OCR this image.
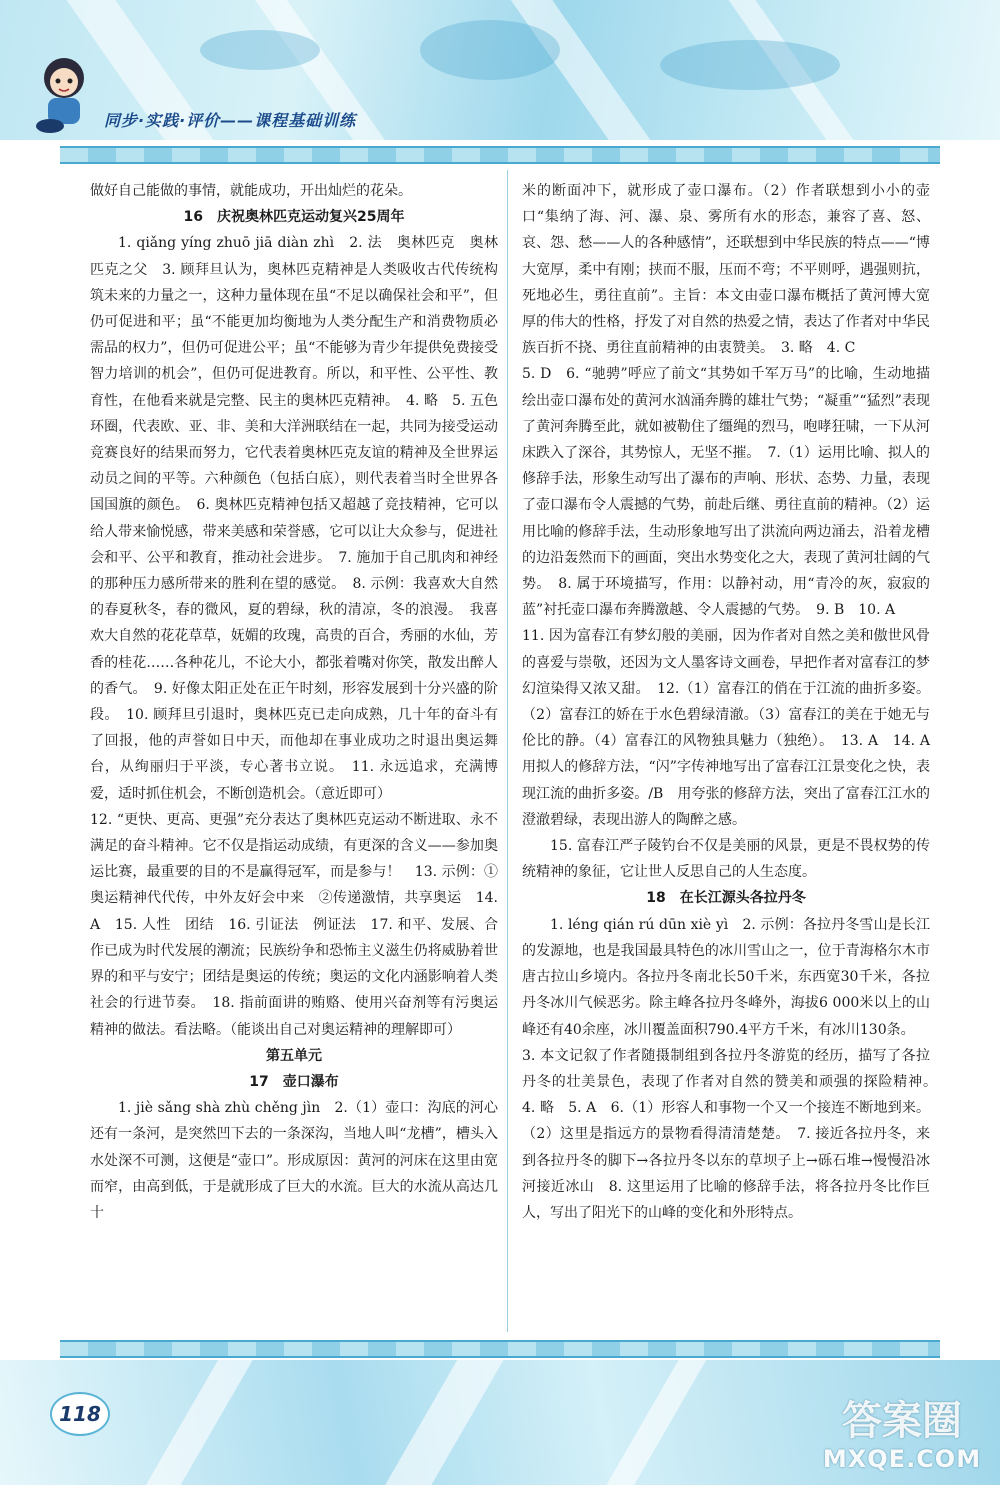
同步·实践·评价——课程基础训练

做好自己能做的事情，就能成功，开出灿烂的花朵。

16　庆祝奥林匹克运动复兴25周年

1. qiǎng yíng zhuō jiā diàn zhì　2. 法　奥林匹克　奥林匹克之父　3. 顾拜旦认为，奥林匹克精神是人类吸收古代传统构筑未来的力量之一，这种力量体现在虽“不足以确保社会和平”，但仍可促进和平；虽“不能更加均衡地为人类分配生产和消费物质必需品的权力”，但仍可促进公平；虽“不能够为青少年提供免费接受智力培训的机会”，但仍可促进教育。所以，和平性、公平性、教育性，在他看来就是完整、民主的奥林匹克精神。　4. 略　5. 五色环圈，代表欧、亚、非、美和大洋洲联结在一起，共同为接受运动竞赛良好的结果而努力，它代表着奥林匹克友谊的精神及全世界运动员之间的平等。六种颜色（包括白底），则代表着当时全世界各国国旗的颜色。　6. 奥林匹克精神包括又超越了竞技精神，它可以给人带来愉悦感，带来美感和荣誉感，它可以让大众参与，促进社会和平、公平和教育，推动社会进步。　7. 施加于自己肌肉和神经的那种压力感所带来的胜利在望的感觉。　8. 示例：我喜欢大自然的春夏秋冬，春的微风，夏的碧绿，秋的清凉，冬的浪漫。　我喜欢大自然的花花草草，妩媚的玫瑰，高贵的百合，秀丽的水仙，芳香的桂花……各种花儿，不论大小，都张着嘴对你笑，散发出醉人的香气。　9. 好像太阳正处在正午时刻，形容发展到十分兴盛的阶段。　10. 顾拜旦引退时，奥林匹克已走向成熟，几十年的奋斗有了回报，他的声誉如日中天，而他却在事业成功之时退出奥运舞台，从绚丽归于平淡，专心著书立说。　11. 永远追求，充满博爱，适时抓住机会，不断创造机会。（意近即可）

12. “更快、更高、更强”充分表达了奥林匹克运动不断进取、永不满足的奋斗精神。它不仅是指运动成绩，有更深的含义——参加奥运比赛，最重要的目的不是赢得冠军，而是参与！　13. 示例：①奥运精神代代传，中外友好会中来　②传递激情，共享奥运　14. A　15. 人性　团结　16. 引证法　例证法　17. 和平、发展、合作已成为时代发展的潮流；民族纷争和恐怖主义滋生仍将威胁着世界的和平与安宁；团结是奥运的传统；奥运的文化内涵影响着人类社会的行进节奏。　18. 指前面讲的贿赂、使用兴奋剂等有污奥运精神的做法。看法略。（能谈出自己对奥运精神的理解即可）

第五单元
17　壶口瀑布

1. jiè sǎng shà zhù chěng jìn　2.（1）壶口：沟底的河心还有一条河，是突然凹下去的一条深沟，当地人叫“龙槽”，槽头入水处深不可测，这便是“壶口”。形成原因：黄河的河床在这里由宽而窄，由高到低，于是就形成了巨大的水流。巨大的水流从高达几十

米的断面冲下，就形成了壶口瀑布。（2）作者联想到小小的壶口“集纳了海、河、瀑、泉、雾所有水的形态，兼容了喜、怒、哀、怨、愁——人的各种感情”，还联想到中华民族的特点——“博大宽厚，柔中有刚；挟而不服，压而不弯；不平则呼，遇强则抗，死地必生，勇往直前”。主旨：本文由壶口瀑布概括了黄河博大宽厚的伟大的性格，抒发了对自然的热爱之情，表达了作者对中华民族百折不挠、勇往直前精神的由衷赞美。　3. 略　4. C

5. D　6. “驰骋”呼应了前文“其势如千军万马”的比喻，生动地描绘出壶口瀑布处的黄河水汹涌奔腾的雄壮气势；“凝重”“猛烈”表现了黄河奔腾至此，就如被勒住了缰绳的烈马，咆哮狂啸，一下从河床跌入了深谷，其势惊人，无坚不摧。　7.（1）运用比喻、拟人的修辞手法，形象生动写出了瀑布的声响、形状、态势、力量，表现了壶口瀑布令人震撼的气势，前赴后继、勇往直前的精神。（2）运用比喻的修辞手法，生动形象地写出了洪流向两边涌去，沿着龙槽的边沿轰然而下的画面，突出水势变化之大，表现了黄河壮阔的气势。　8. 属于环境描写，作用：以静衬动，用“青冷的灰，寂寂的蓝”衬托壶口瀑布奔腾激越、令人震撼的气势。　9. B　10. A

11. 因为富春江有梦幻般的美丽，因为作者对自然之美和傲世风骨的喜爱与崇敬，还因为文人墨客诗文画卷，早把作者对富春江的梦幻渲染得又浓又甜。　12.（1）富春江的俏在于江流的曲折多姿。（2）富春江的娇在于水色碧绿清澈。（3）富春江的美在于她无与伦比的静。（4）富春江的风物独具魅力（独绝）。　13. A　14. A　用拟人的修辞方法，“闪”字传神地写出了富春江江景变化之快，表现江流的曲折多姿。/B　用夸张的修辞方法，突出了富春江江水的澄澈碧绿，表现出游人的陶醉之感。

15. 富春江严子陵钓台不仅是美丽的风景，更是不畏权势的传统精神的象征，它让世人反思自己的人生态度。

18　在长江源头各拉丹冬

1. léng qián rú dūn xiè yì　2. 示例：各拉丹冬雪山是长江的发源地，也是我国最具特色的冰川雪山之一，位于青海格尔木市唐古拉山乡境内。各拉丹冬南北长50千米，东西宽30千米，各拉丹冬冰川气候恶劣。除主峰各拉丹冬峰外，海拔6 000米以上的山峰还有40余座，冰川覆盖面积790.4平方千米，有冰川130条。

3. 本文记叙了作者随摄制组到各拉丹冬游览的经历，描写了各拉丹冬的壮美景色，表现了作者对自然的赞美和顽强的探险精神。　4. 略　5. A　6.（1）形容人和事物一个又一个接连不断地到来。（2）这里是指远方的景物看得清清楚楚。　7. 接近各拉丹冬，来到各拉丹冬的脚下→各拉丹冬以东的草坝子上→砾石堆→慢慢沿冰河接近冰山　8. 这里运用了比喻的修辞手法，将各拉丹冬比作巨人，写出了阳光下的山峰的变化和外形特点。

118	答案圈
MXQE.COM
